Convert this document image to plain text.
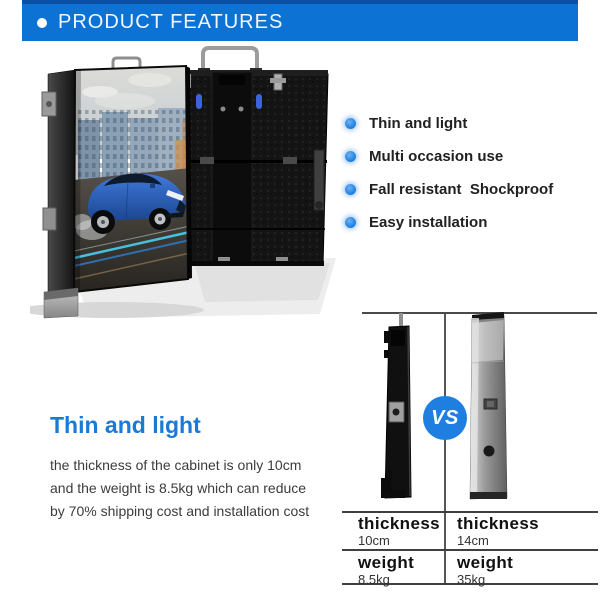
PRODUCT FEATURES
Thin and light
Multi occasion use
Fall resistant  Shockproof
Easy installation
Thin and light

the thickness of the cabinet is only 10cm
and the weight is 8.5kg which can reduce
by 70% shipping cost and installation cost

VS
thickness
10cm
weight
8.5kg
thickness
14cm
weight
35kg
